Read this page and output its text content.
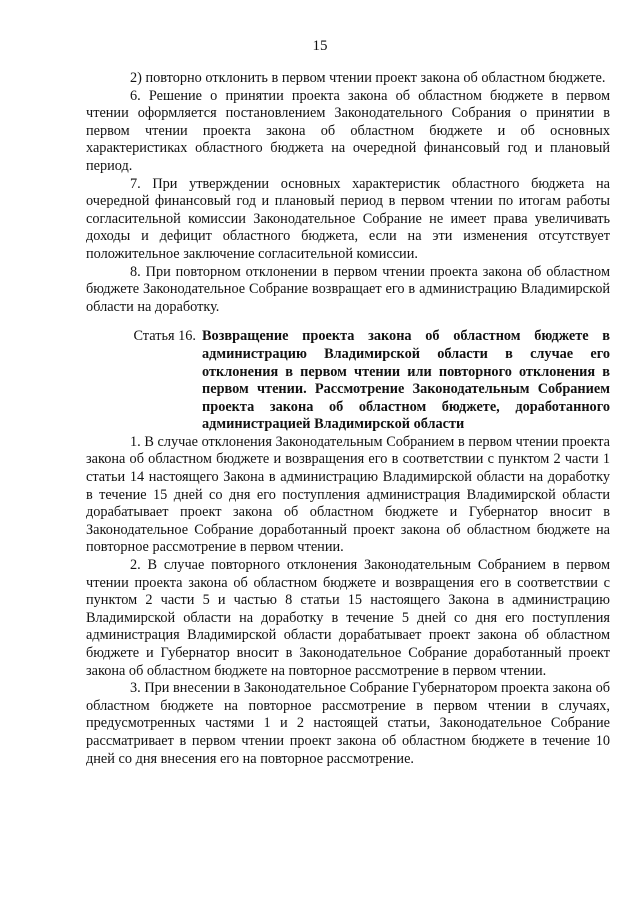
15

2) повторно отклонить в первом чтении проект закона об областном бюджете.

6. Решение о принятии проекта закона об областном бюджете в первом чтении оформляется постановлением Законодательного Собрания о принятии в первом чтении проекта закона об областном бюджете и об основных характеристиках областного бюджета на очередной финансовый год и плановый период.

7. При утверждении основных характеристик областного бюджета на очередной финансовый год и плановый период в первом чтении по итогам работы согласительной комиссии Законодательное Собрание не имеет права увеличивать доходы и дефицит областного бюджета, если на эти изменения отсутствует положительное заключение согласительной комиссии.

8. При повторном отклонении в первом чтении проекта закона об областном бюджете Законодательное Собрание возвращает его в администрацию Владимирской области на доработку.

Статья 16. Возвращение проекта закона об областном бюджете в администрацию Владимирской области в случае его отклонения в первом чтении или повторного отклонения в первом чтении. Рассмотрение Законодательным Собранием проекта закона об областном бюджете, доработанного администрацией Владимирской области

1. В случае отклонения Законодательным Собранием в первом чтении проекта закона об областном бюджете и возвращения его в соответствии с пунктом 2 части 1 статьи 14 настоящего Закона в администрацию Владимирской области на доработку в течение 15 дней со дня его поступления администрация Владимирской области дорабатывает проект закона об областном бюджете и Губернатор вносит в Законодательное Собрание доработанный проект закона об областном бюджете на повторное рассмотрение в первом чтении.

2. В случае повторного отклонения Законодательным Собранием в первом чтении проекта закона об областном бюджете и возвращения его в соответствии с пунктом 2 части 5 и частью 8 статьи 15 настоящего Закона в администрацию Владимирской области на доработку в течение 5 дней со дня его поступления администрация Владимирской области дорабатывает проект закона об областном бюджете и Губернатор вносит в Законодательное Собрание доработанный проект закона об областном бюджете на повторное рассмотрение в первом чтении.

3. При внесении в Законодательное Собрание Губернатором проекта закона об областном бюджете на повторное рассмотрение в первом чтении в случаях, предусмотренных частями 1 и 2 настоящей статьи, Законодательное Собрание рассматривает в первом чтении проект закона об областном бюджете в течение 10 дней со дня внесения его на повторное рассмотрение.
